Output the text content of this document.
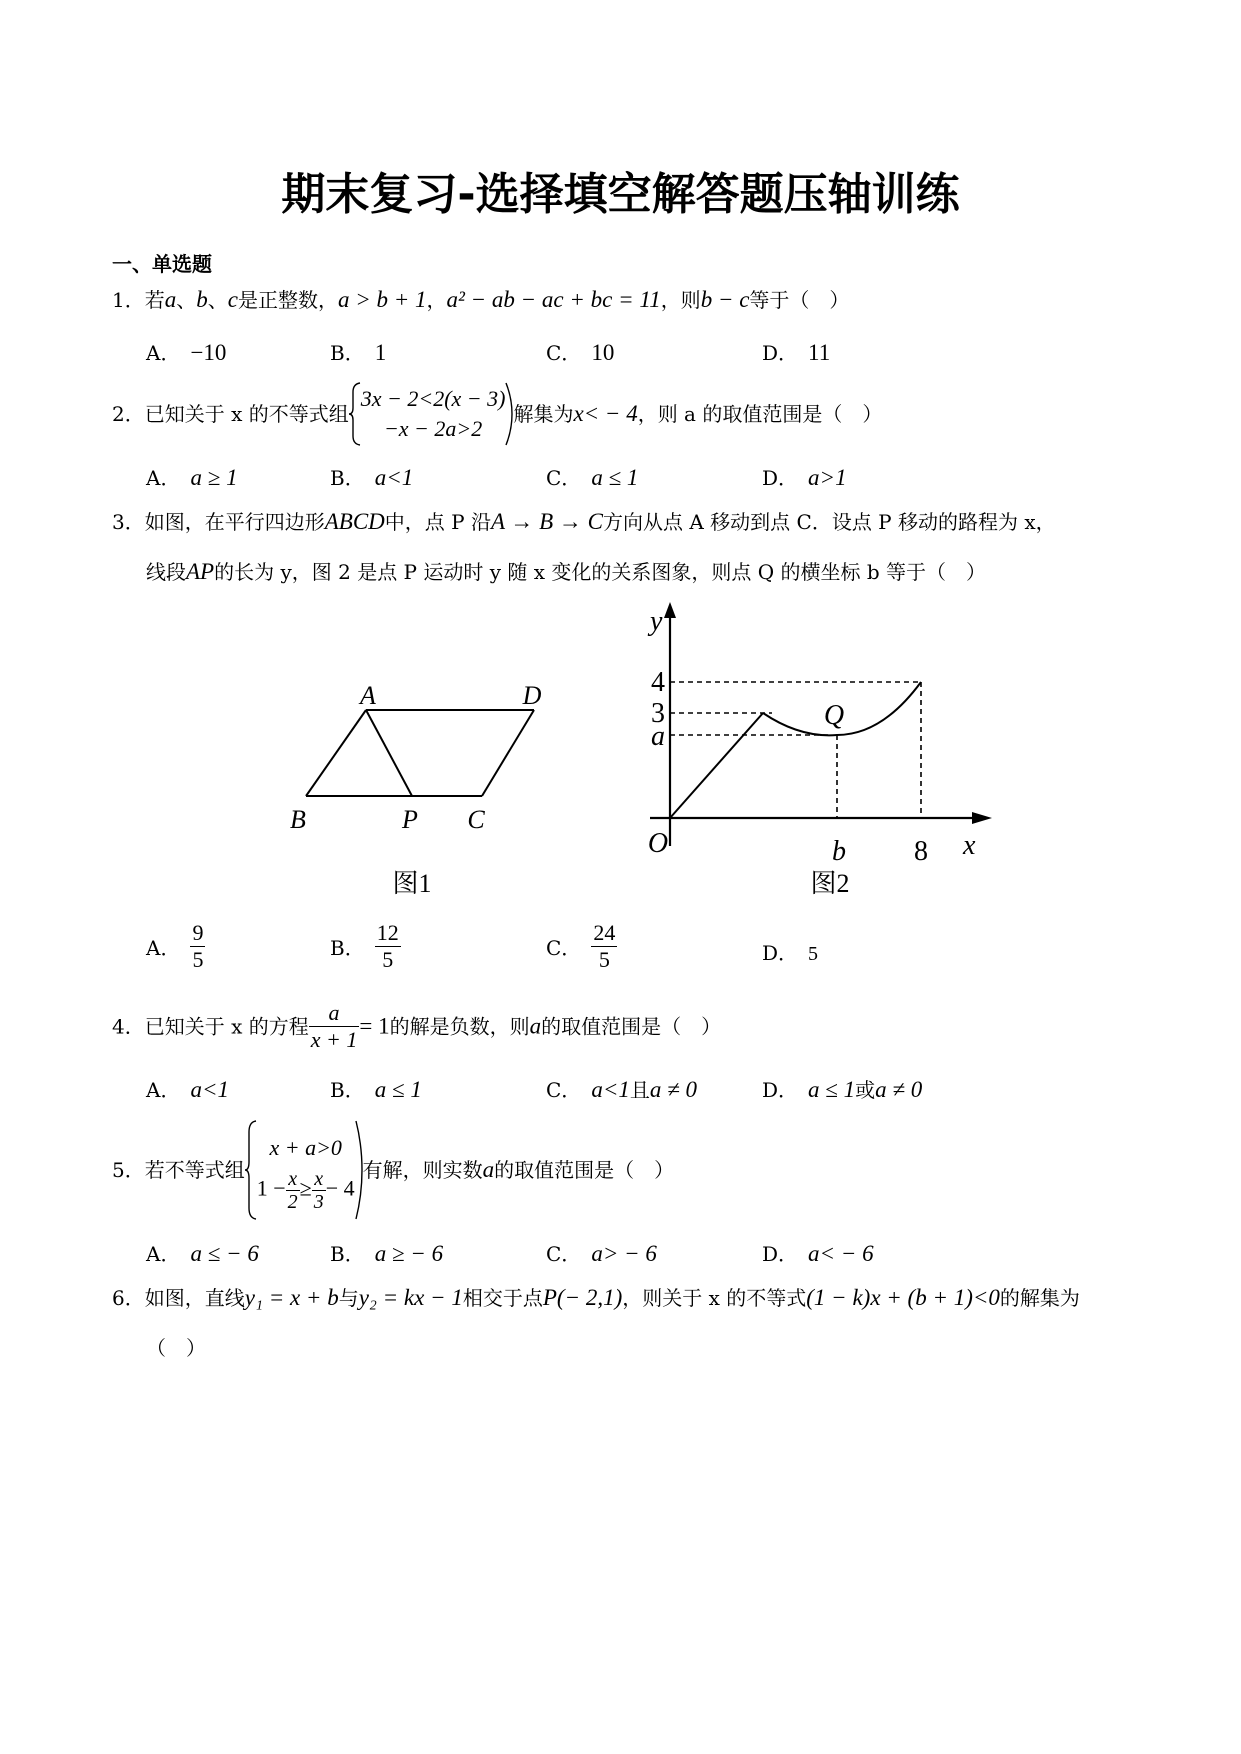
期末复习-选择填空解答题压轴训练
一、单选题
1．若a、b、c是正整数，a > b + 1，a² − ab − ac + bc = 11，则b − c等于（　）
A． −10	B． 1	C． 10	D． 11
2．已知关于 x 的不等式组
3x − 2<2(x − 3)
−x − 2a>2
解集为x< − 4，则 a 的取值范围是（　）
A． a ≥ 1	B． a<1	C． a ≤ 1	D． a>1
3．如图，在平行四边形ABCD中，点 P 沿A → B → C方向从点 A 移动到点 C．设点 P 移动的路程为 x，
线段AP的长为 y，图 2 是点 P 运动时 y 随 x 变化的关系图象，则点 Q 的横坐标 b 等于（　）
A	D
B	P C
图1
y
x
O
4
3
a
b 8
Q
图2
A． $\frac{9}{5}$	B． $\frac{12}{5}$	C． $\frac{24}{5}$	D． 5
4．已知关于 x 的方程 $\frac{a}{x + 1} = 1$的解是负数，则a的取值范围是（　）
A． a<1	B． a ≤ 1	C． a<1且a ≠ 0	D． a ≤ 1或a ≠ 0
5．若不等式组
x + a>0
$1 - \frac{x}{2} \ge \frac{x}{3} - 4$
有解，则实数a的取值范围是（　）
A． a ≤ − 6	B． a ≥ − 6	C． a> − 6	D． a< − 6
6．如图，直线y₁ = x + b与y₂ = kx − 1相交于点P(− 2,1)，则关于 x 的不等式(1 − k)x + (b + 1)<0的解集为
（　）
